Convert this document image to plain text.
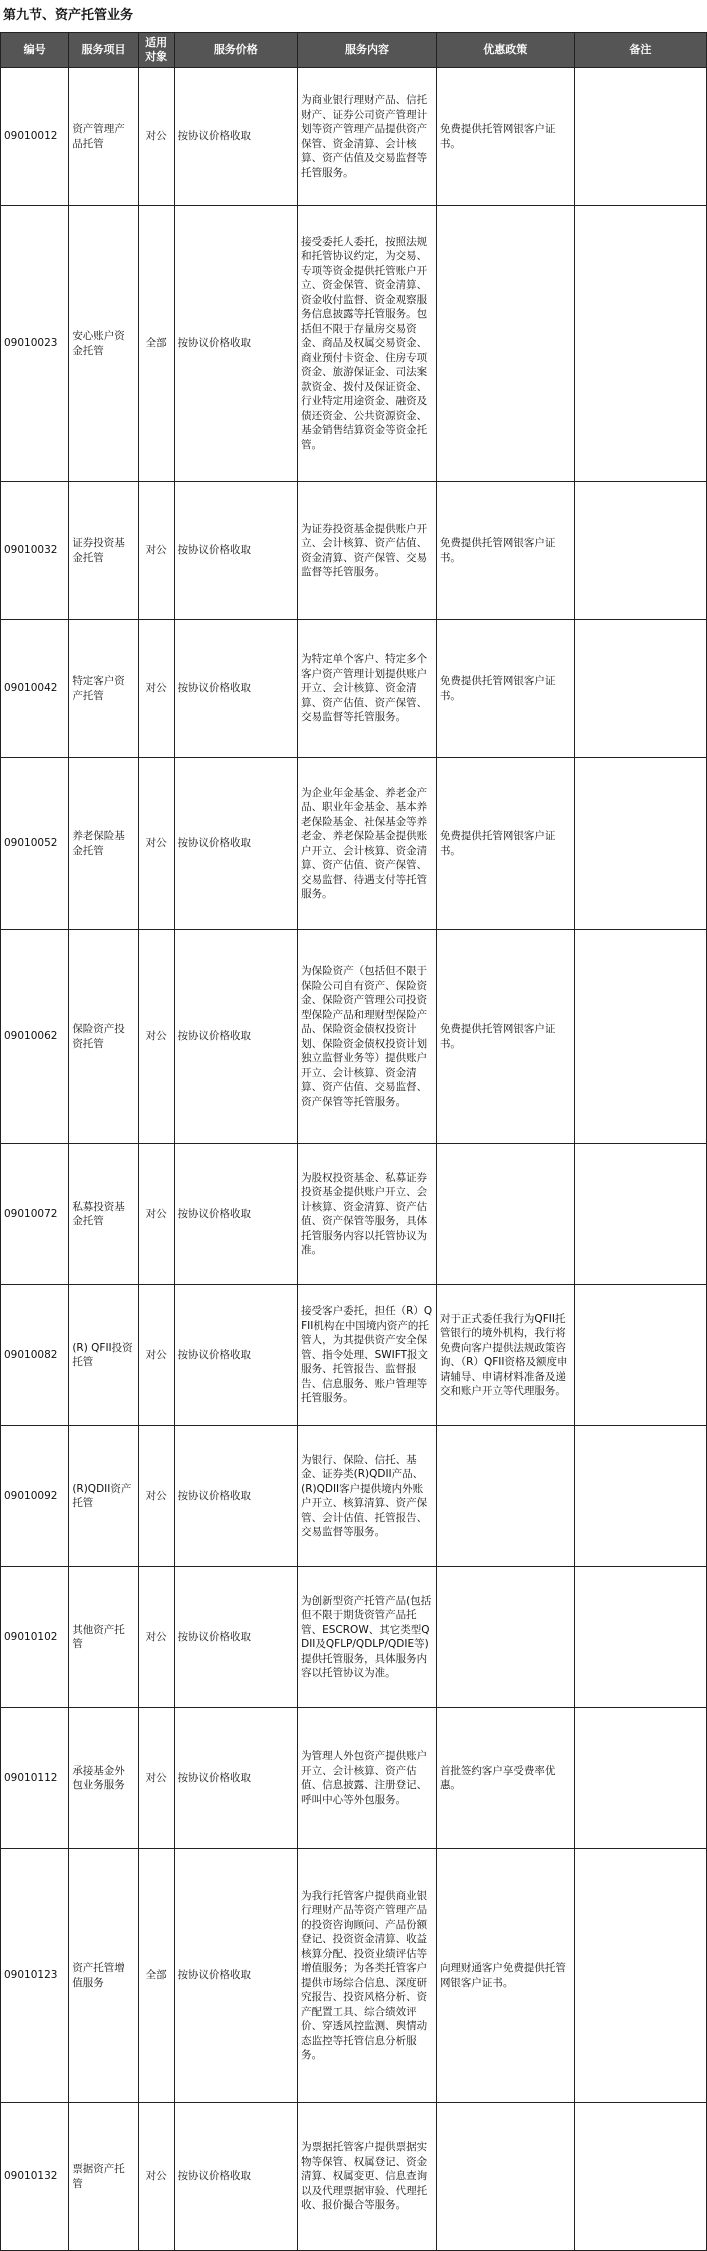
第九节、资产托管业务
编号	服务项目	适用对象	服务价格	服务内容	优惠政策	备注
09010012	资产管理产品托管	对公	按协议价格收取	为商业银行理财产品、信托财产、证券公司资产管理计划等资产管理产品提供资产保管、资金清算、会计核算、资产估值及交易监督等托管服务。	免费提供托管网银客户证书。	
09010023	安心账户资金托管	全部	按协议价格收取	接受委托人委托，按照法规和托管协议约定，为交易、专项等资金提供托管账户开立、资金保管、资金清算、资金收付监督、资金观察服务信息披露等托管服务。包括但不限于存量房交易资金、商品及权属交易资金、商业预付卡资金、住房专项资金、旅游保证金、司法案款资金、拨付及保证资金、行业特定用途资金、融资及债还资金、公共资源资金、基金销售结算资金等资金托管。		
09010032	证券投资基金托管	对公	按协议价格收取	为证券投资基金提供账户开立、会计核算、资产估值、资金清算、资产保管、交易监督等托管服务。	免费提供托管网银客户证书。	
09010042	特定客户资产托管	对公	按协议价格收取	为特定单个客户、特定多个客户资产管理计划提供账户开立、会计核算、资金清算、资产估值、资产保管、交易监督等托管服务。	免费提供托管网银客户证书。	
09010052	养老保险基金托管	对公	按协议价格收取	为企业年金基金、养老金产品、职业年金基金、基本养老保险基金、社保基金等养老金、养老保险基金提供账户开立、会计核算、资金清算、资产估值、资产保管、交易监督、待遇支付等托管服务。	免费提供托管网银客户证书。	
09010062	保险资产投资托管	对公	按协议价格收取	为保险资产（包括但不限于保险公司自有资产、保险资金、保险资产管理公司投资型保险产品和理财型保险产品、保险资金债权投资计划、保险资金债权投资计划独立监督业务等）提供账户开立、会计核算、资金清算、资产估值、交易监督、资产保管等托管服务。	免费提供托管网银客户证书。	
09010072	私募投资基金托管	对公	按协议价格收取	为股权投资基金、私募证券投资基金提供账户开立、会计核算、资金清算、资产估值、资产保管等服务，具体托管服务内容以托管协议为准。		
09010082	(R) QFII投资托管	对公	按协议价格收取	接受客户委托，担任（R）QFII机构在中国境内资产的托管人，为其提供资产安全保管、指令处理、SWIFT报文服务、托管报告、监督报告、信息服务、账户管理等托管服务。	对于正式委任我行为QFII托管银行的境外机构，我行将免费向客户提供法规政策咨询、（R）QFII资格及额度申请辅导、申请材料准备及递交和账户开立等代理服务。	
09010092	(R)QDII资产托管	对公	按协议价格收取	为银行、保险、信托、基金、证券类(R)QDII产品、(R)QDII客户提供境内外账户开立、核算清算、资产保管、会计估值、托管报告、交易监督等服务。		
09010102	其他资产托管	对公	按协议价格收取	为创新型资产托管产品(包括但不限于期货资管产品托管、ESCROW、其它类型QDII及QFLP/QDLP/QDIE等)提供托管服务，具体服务内容以托管协议为准。		
09010112	承接基金外包业务服务	对公	按协议价格收取	为管理人外包资产提供账户开立、会计核算、资产估值、信息披露、注册登记、呼叫中心等外包服务。	首批签约客户享受费率优惠。	
09010123	资产托管增值服务	全部	按协议价格收取	为我行托管客户提供商业银行理财产品等资产管理产品的投资咨询顾问、产品份额登记、投资资金清算、收益核算分配、投资业绩评估等增值服务；为各类托管客户提供市场综合信息、深度研究报告、投资风格分析、资产配置工具、综合绩效评价、穿透风控监测、舆情动态监控等托管信息分析服务。	向理财通客户免费提供托管网银客户证书。	
09010132	票据资产托管	对公	按协议价格收取	为票据托管客户提供票据实物等保管、权属登记、资金清算、权属变更、信息查询以及代理票据审验、代理托收、报价撮合等服务。		
